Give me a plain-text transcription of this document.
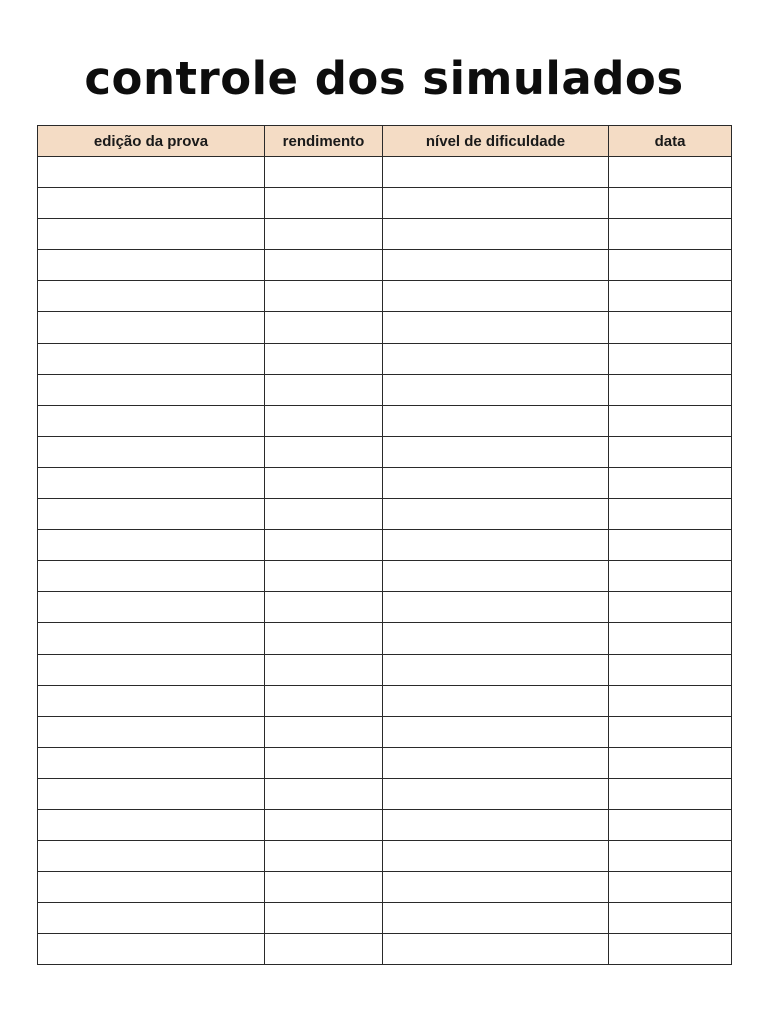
controle dos simulados
edição da prova	rendimento	nível de dificuldade	data
